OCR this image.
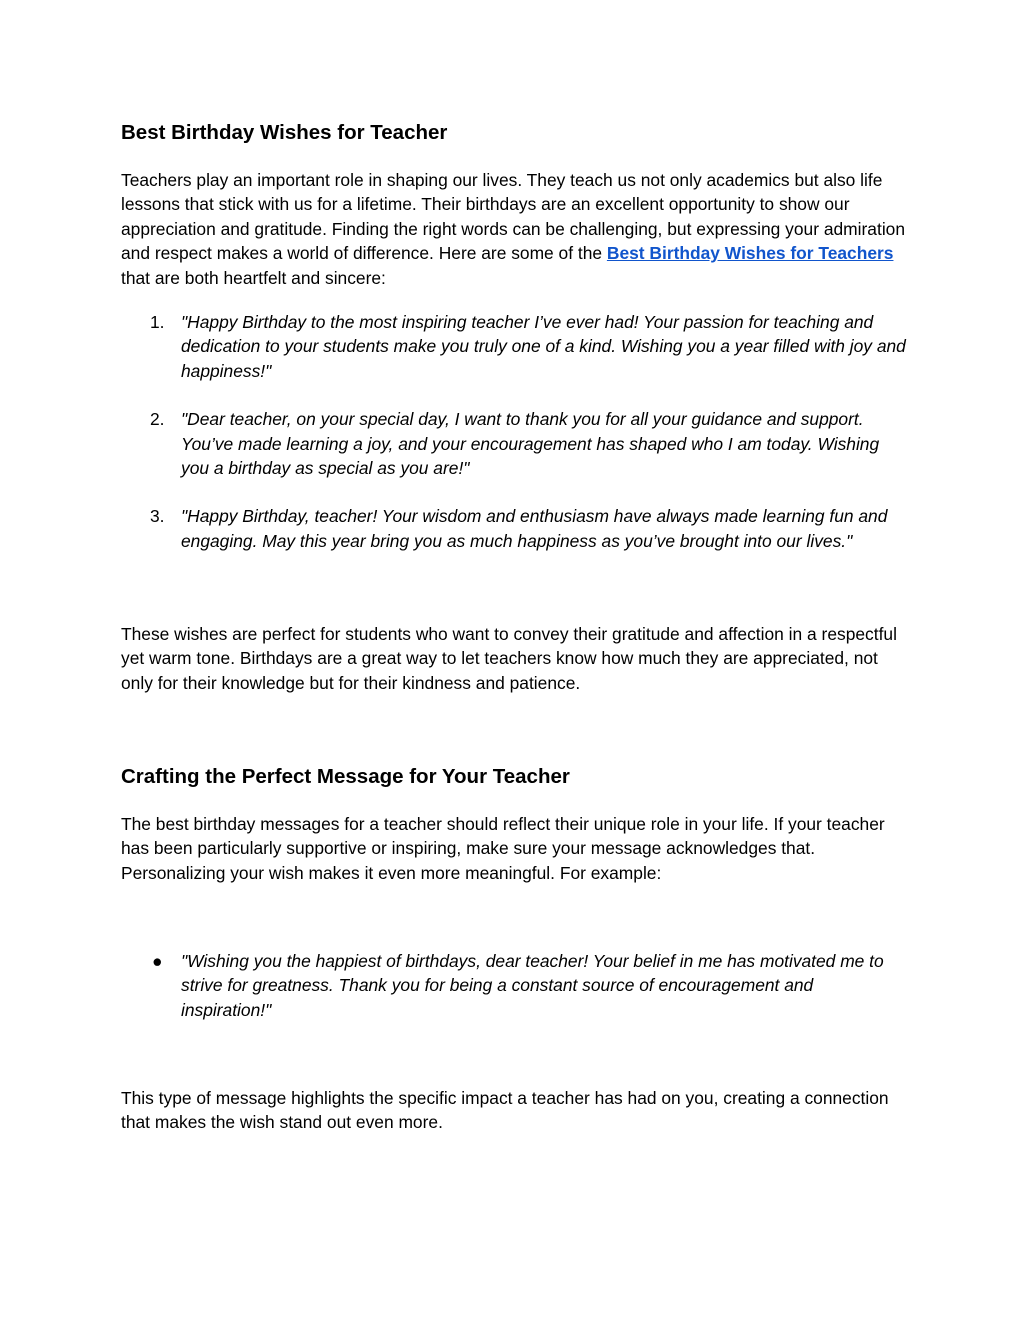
Best Birthday Wishes for Teacher

Teachers play an important role in shaping our lives. They teach us not only academics but also life lessons that stick with us for a lifetime. Their birthdays are an excellent opportunity to show our appreciation and gratitude. Finding the right words can be challenging, but expressing your admiration and respect makes a world of difference. Here are some of the Best Birthday Wishes for Teachers that are both heartfelt and sincere:

1. "Happy Birthday to the most inspiring teacher I’ve ever had! Your passion for teaching and dedication to your students make you truly one of a kind. Wishing you a year filled with joy and happiness!"
2. "Dear teacher, on your special day, I want to thank you for all your guidance and support. You’ve made learning a joy, and your encouragement has shaped who I am today. Wishing you a birthday as special as you are!"
3. "Happy Birthday, teacher! Your wisdom and enthusiasm have always made learning fun and engaging. May this year bring you as much happiness as you’ve brought into our lives."

These wishes are perfect for students who want to convey their gratitude and affection in a respectful yet warm tone. Birthdays are a great way to let teachers know how much they are appreciated, not only for their knowledge but for their kindness and patience.

Crafting the Perfect Message for Your Teacher

The best birthday messages for a teacher should reflect their unique role in your life. If your teacher has been particularly supportive or inspiring, make sure your message acknowledges that. Personalizing your wish makes it even more meaningful. For example:

● "Wishing you the happiest of birthdays, dear teacher! Your belief in me has motivated me to strive for greatness. Thank you for being a constant source of encouragement and inspiration!"

This type of message highlights the specific impact a teacher has had on you, creating a connection that makes the wish stand out even more.
